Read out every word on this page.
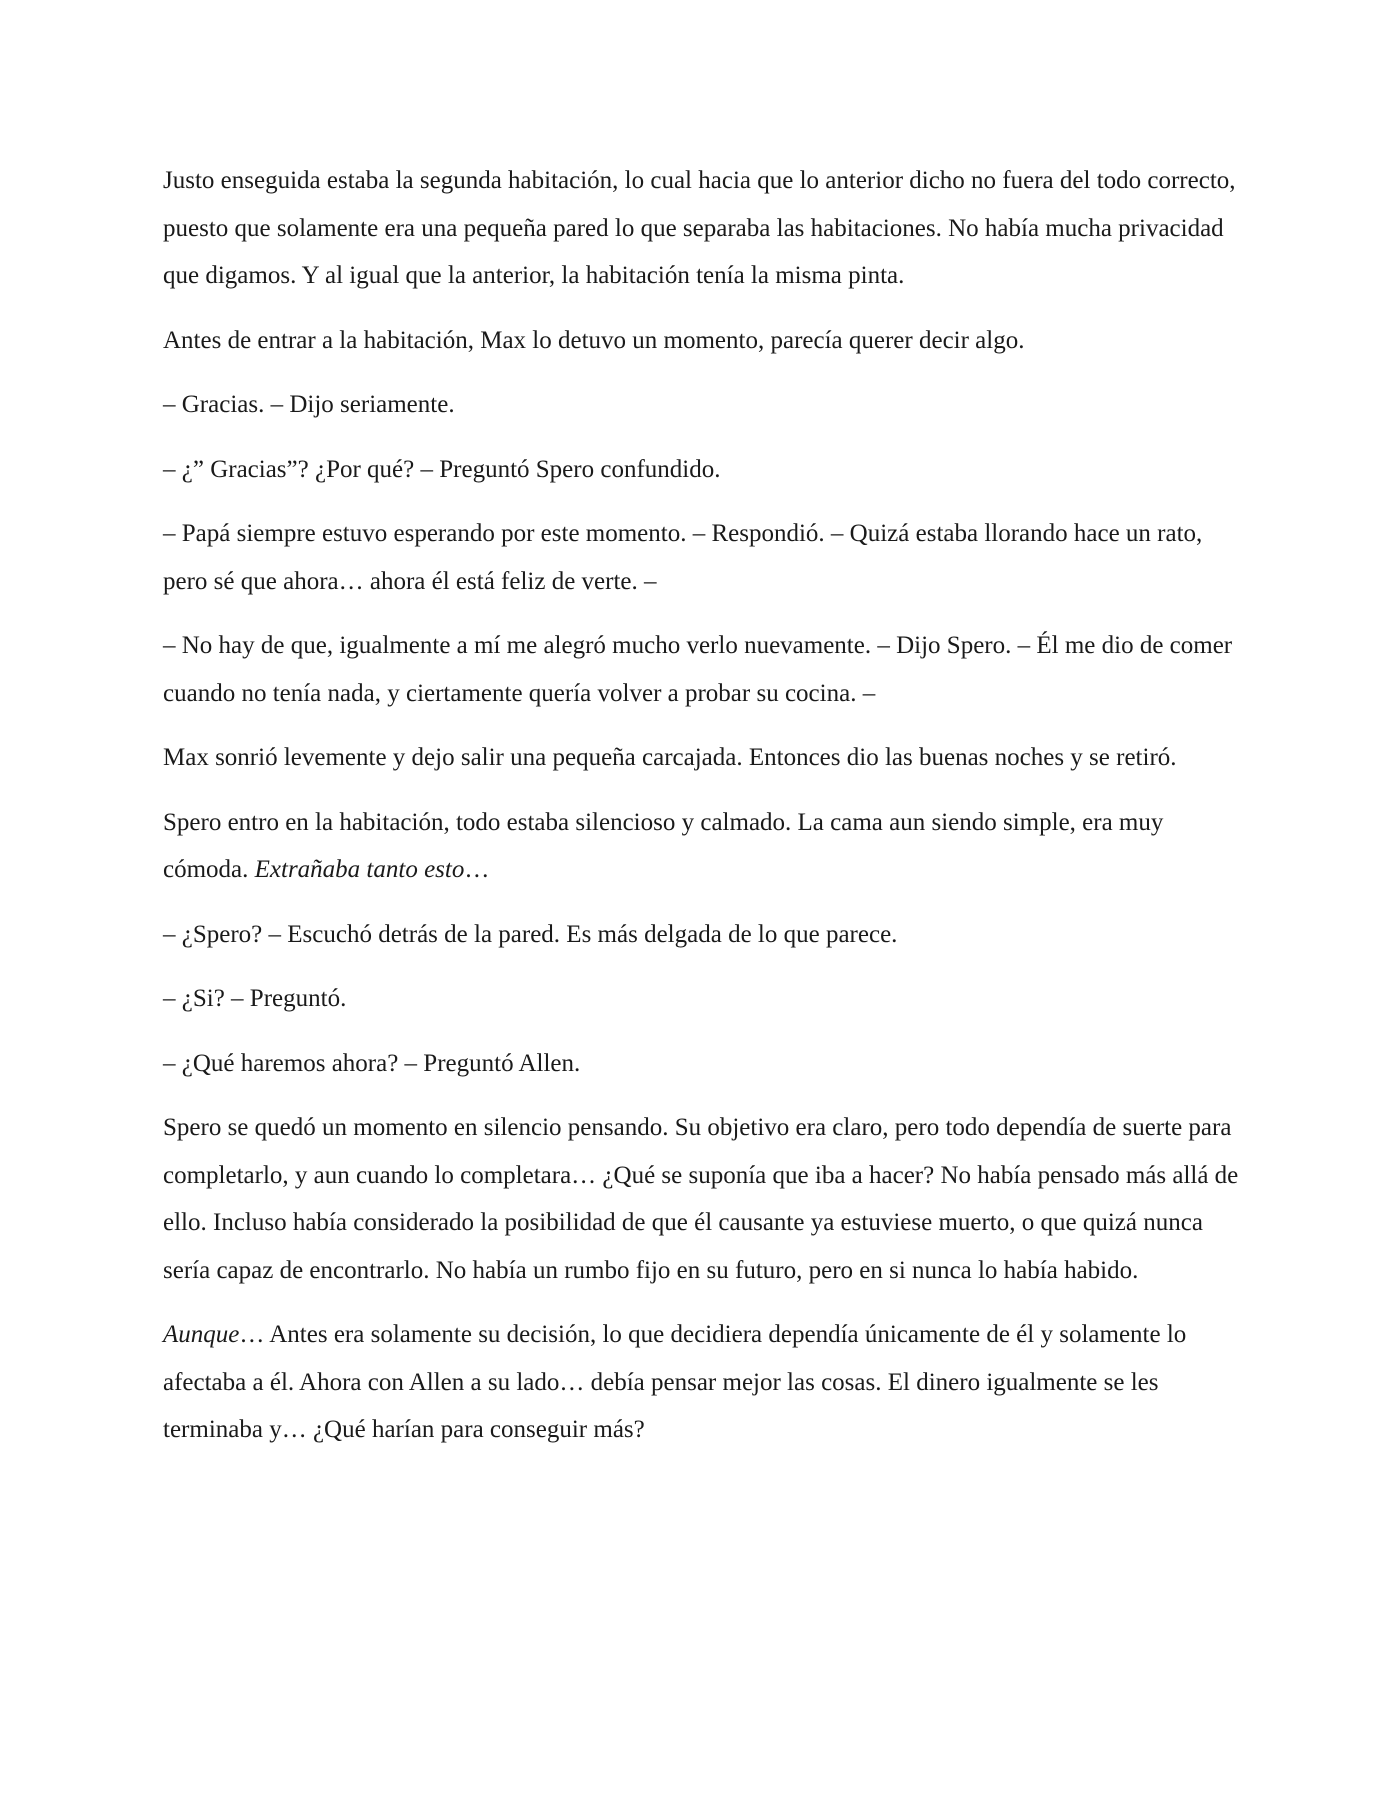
Justo enseguida estaba la segunda habitación, lo cual hacia que lo anterior dicho no fuera del todo correcto, puesto que solamente era una pequeña pared lo que separaba las habitaciones. No había mucha privacidad que digamos. Y al igual que la anterior, la habitación tenía la misma pinta.

Antes de entrar a la habitación, Max lo detuvo un momento, parecía querer decir algo.

– Gracias. – Dijo seriamente.

– ¿” Gracias”? ¿Por qué? – Preguntó Spero confundido.

– Papá siempre estuvo esperando por este momento. – Respondió. – Quizá estaba llorando hace un rato, pero sé que ahora… ahora él está feliz de verte. –

– No hay de que, igualmente a mí me alegró mucho verlo nuevamente. – Dijo Spero. – Él me dio de comer cuando no tenía nada, y ciertamente quería volver a probar su cocina. –

Max sonrió levemente y dejo salir una pequeña carcajada. Entonces dio las buenas noches y se retiró.

Spero entro en la habitación, todo estaba silencioso y calmado. La cama aun siendo simple, era muy cómoda. Extrañaba tanto esto…

– ¿Spero? – Escuchó detrás de la pared. Es más delgada de lo que parece.

– ¿Si? – Preguntó.

– ¿Qué haremos ahora? – Preguntó Allen.

Spero se quedó un momento en silencio pensando. Su objetivo era claro, pero todo dependía de suerte para completarlo, y aun cuando lo completara… ¿Qué se suponía que iba a hacer? No había pensado más allá de ello. Incluso había considerado la posibilidad de que él causante ya estuviese muerto, o que quizá nunca sería capaz de encontrarlo. No había un rumbo fijo en su futuro, pero en si nunca lo había habido.

Aunque… Antes era solamente su decisión, lo que decidiera dependía únicamente de él y solamente lo afectaba a él. Ahora con Allen a su lado… debía pensar mejor las cosas. El dinero igualmente se les terminaba y… ¿Qué harían para conseguir más?
